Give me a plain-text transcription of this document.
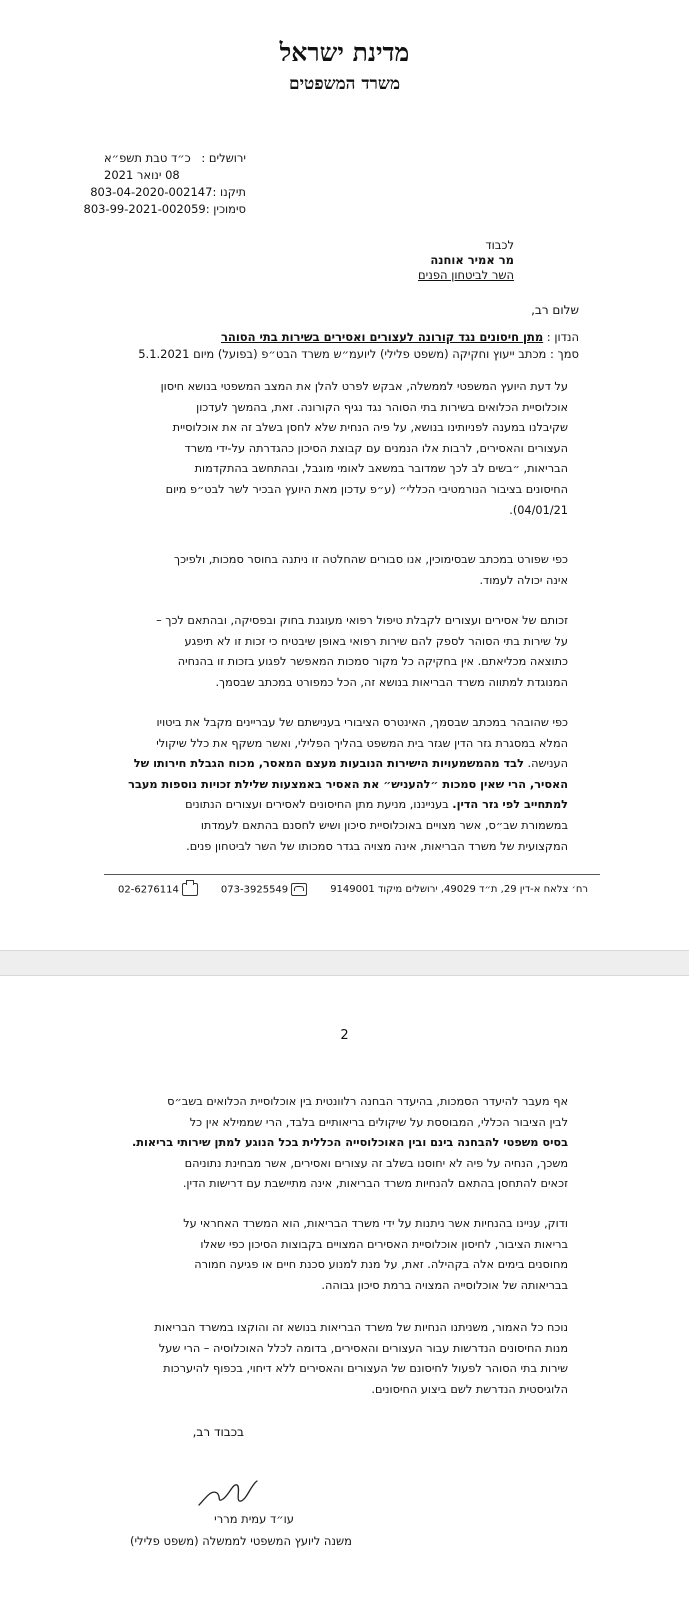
מדינת ישראל
משרד המשפטים
ירושלים :
כ״ד טבת תשפ״א
08 ינואר 2021
תיקנו :
803-04-2020-002147
סימוכין :
803-99-2021-002059
לכבוד
מר אמיר אוחנה
השר לביטחון הפנים
שלום רב,
הנדון : מתן חיסונים נגד קורונה לעצורים ואסירים בשירות בתי הסוהר
סמך : מכתב ייעוץ וחקיקה (משפט פלילי) ליועמ״ש משרד הבט״פ (בפועל) מיום 5.1.2021
על דעת היועץ המשפטי לממשלה, אבקש לפרט להלן את המצב המשפטי בנושא חיסון
אוכלוסיית הכלואים בשירות בתי הסוהר נגד נגיף הקורונה. זאת, בהמשך לעדכון
שקיבלנו במענה לפניותינו בנושא, על פיה הנחית שלא לחסן בשלב זה את אוכלוסיית
העצורים והאסירים, לרבות אלו הנמנים עם קבוצת הסיכון כהגדרתה על-ידי משרד
הבריאות, ״בשים לב לכך שמדובר במשאב לאומי מוגבל, ובהתחשב בהתקדמות
החיסונים בציבור הנורמטיבי הכללי״ (ע״פ עדכון מאת היועץ הבכיר לשר לבט״פ מיום
04/01/21).
כפי שפורט במכתב שבסימוכין, אנו סבורים שהחלטה זו ניתנה בחוסר סמכות, ולפיכך
אינה יכולה לעמוד.
זכותם של אסירים ועצורים לקבלת טיפול רפואי מעוגנת בחוק ובפסיקה, ובהתאם לכך –
על שירות בתי הסוהר לספק להם שירות רפואי באופן שיבטיח כי זכות זו לא תיפגע
כתוצאה מכליאתם. אין בחקיקה כל מקור סמכות המאפשר לפגוע בזכות זו בהנחיה
המנוגדת למתווה משרד הבריאות בנושא זה, הכל כמפורט במכתב שבסמך.
כפי שהובהר במכתב שבסמך, האינטרס הציבורי בענישתם של עבריינים מקבל את ביטויו
המלא במסגרת גזר הדין שגזר בית המשפט בהליך הפלילי, ואשר משקף את כלל שיקולי
הענישה. לבד מהמשמעויות הישירות הנובעות מעצם המאסר, מכוח הגבלת חירותו של
האסיר, הרי שאין סמכות ״להעניש״ את האסיר באמצעות שלילת זכויות נוספות מעבר
למתחייב לפי גזר הדין. בענייננו, מניעת מתן החיסונים לאסירים ועצורים הנתונים
במשמורת שב״ס, אשר מצויים באוכלוסיית סיכון ושיש לחסנם בהתאם לעמדתו
המקצועית של משרד הבריאות, אינה מצויה בגדר סמכותו של השר לביטחון פנים.
רח׳ צלאח א-דין 29, ת״ד 49029, ירושלים מיקוד 9149001
073-3925549
02-6276114
2
אף מעבר להיעדר הסמכות, בהיעדר הבחנה רלוונטית בין אוכלוסיית הכלואים בשב״ס
לבין הציבור הכללי, המבוססת על שיקולים בריאותיים בלבד, הרי שממילא אין כל
בסיס משפטי להבחנה בינם ובין האוכלוסייה הכללית בכל הנוגע למתן שירותי בריאות.
משכך, הנחיה על פיה לא יחוסנו בשלב זה עצורים ואסירים, אשר מבחינת נתוניהם
זכאים להתחסן בהתאם להנחיות משרד הבריאות, אינה מתיישבת עם דרישות הדין.
ודוק, עניינו בהנחיות אשר ניתנות על ידי משרד הבריאות, הוא המשרד האחראי על
בריאות הציבור, לחיסון אוכלוסיית האסירים המצויים בקבוצות הסיכון כפי שאלו
מחוסנים בימים אלה בקהילה. זאת, על מנת למנוע סכנת חיים או פגיעה חמורה
בבריאותה של אוכלוסייה המצויה ברמת סיכון גבוהה.
נוכח כל האמור, משניתנו הנחיות של משרד הבריאות בנושא זה והוקצו במשרד הבריאות
מנות החיסונים הנדרשות עבור העצורים והאסירים, בדומה לכלל האוכלוסיה – הרי שעל
שירות בתי הסוהר לפעול לחיסונם של העצורים והאסירים ללא דיחוי, בכפוף להיערכות
הלוגיסטית הנדרשת לשם ביצוע החיסונים.
בכבוד רב,
עו״ד עמית מררי
משנה ליועץ המשפטי לממשלה (משפט פלילי)
